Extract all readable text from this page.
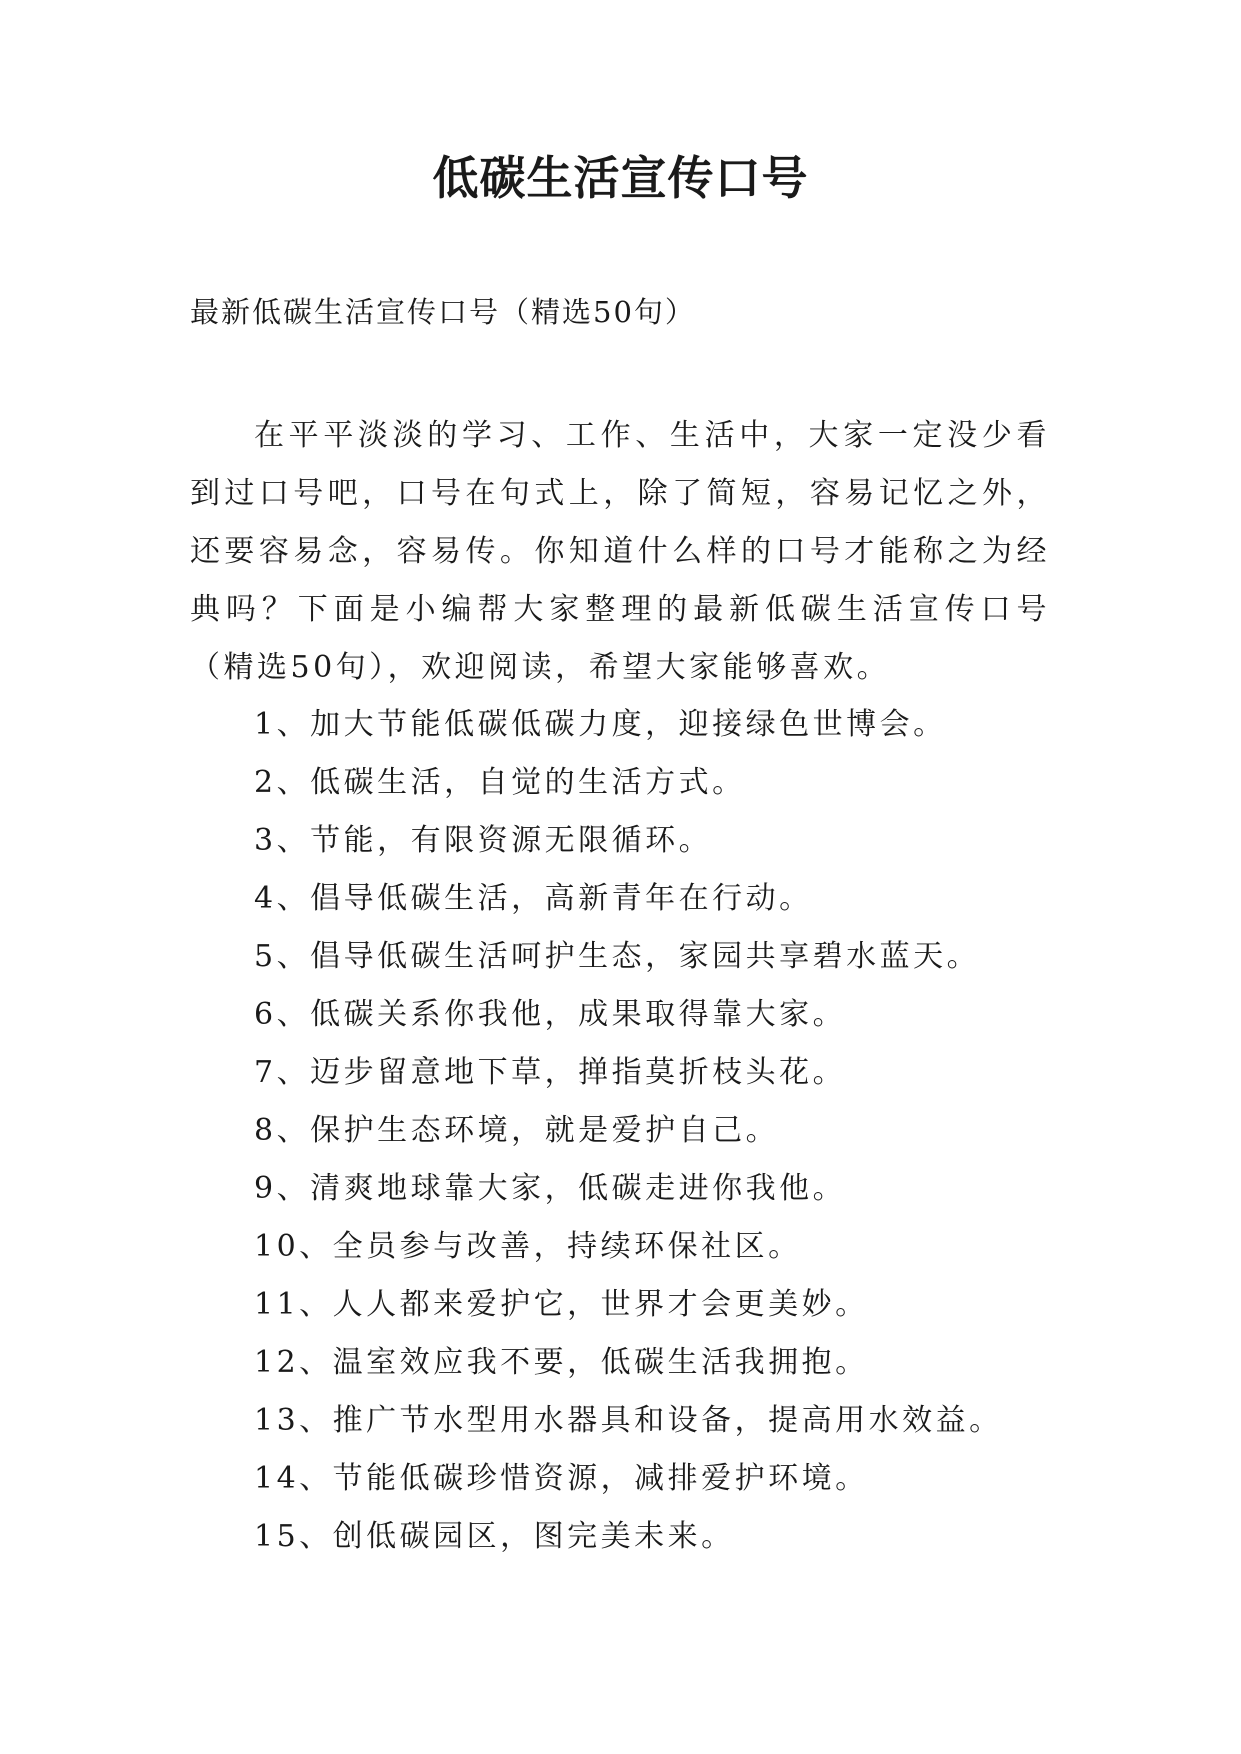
低碳生活宣传口号

最新低碳生活宣传口号（精选50句）

在平平淡淡的学习、工作、生活中，大家一定没少看到过口号吧，口号在句式上，除了简短，容易记忆之外，还要容易念，容易传。你知道什么样的口号才能称之为经典吗？下面是小编帮大家整理的最新低碳生活宣传口号（精选50句），欢迎阅读，希望大家能够喜欢。

1、加大节能低碳低碳力度，迎接绿色世博会。
2、低碳生活，自觉的生活方式。
3、节能，有限资源无限循环。
4、倡导低碳生活，高新青年在行动。
5、倡导低碳生活呵护生态，家园共享碧水蓝天。
6、低碳关系你我他，成果取得靠大家。
7、迈步留意地下草，掸指莫折枝头花。
8、保护生态环境，就是爱护自己。
9、清爽地球靠大家，低碳走进你我他。
10、全员参与改善，持续环保社区。
11、人人都来爱护它，世界才会更美妙。
12、温室效应我不要，低碳生活我拥抱。
13、推广节水型用水器具和设备，提高用水效益。
14、节能低碳珍惜资源，减排爱护环境。
15、创低碳园区，图完美未来。
